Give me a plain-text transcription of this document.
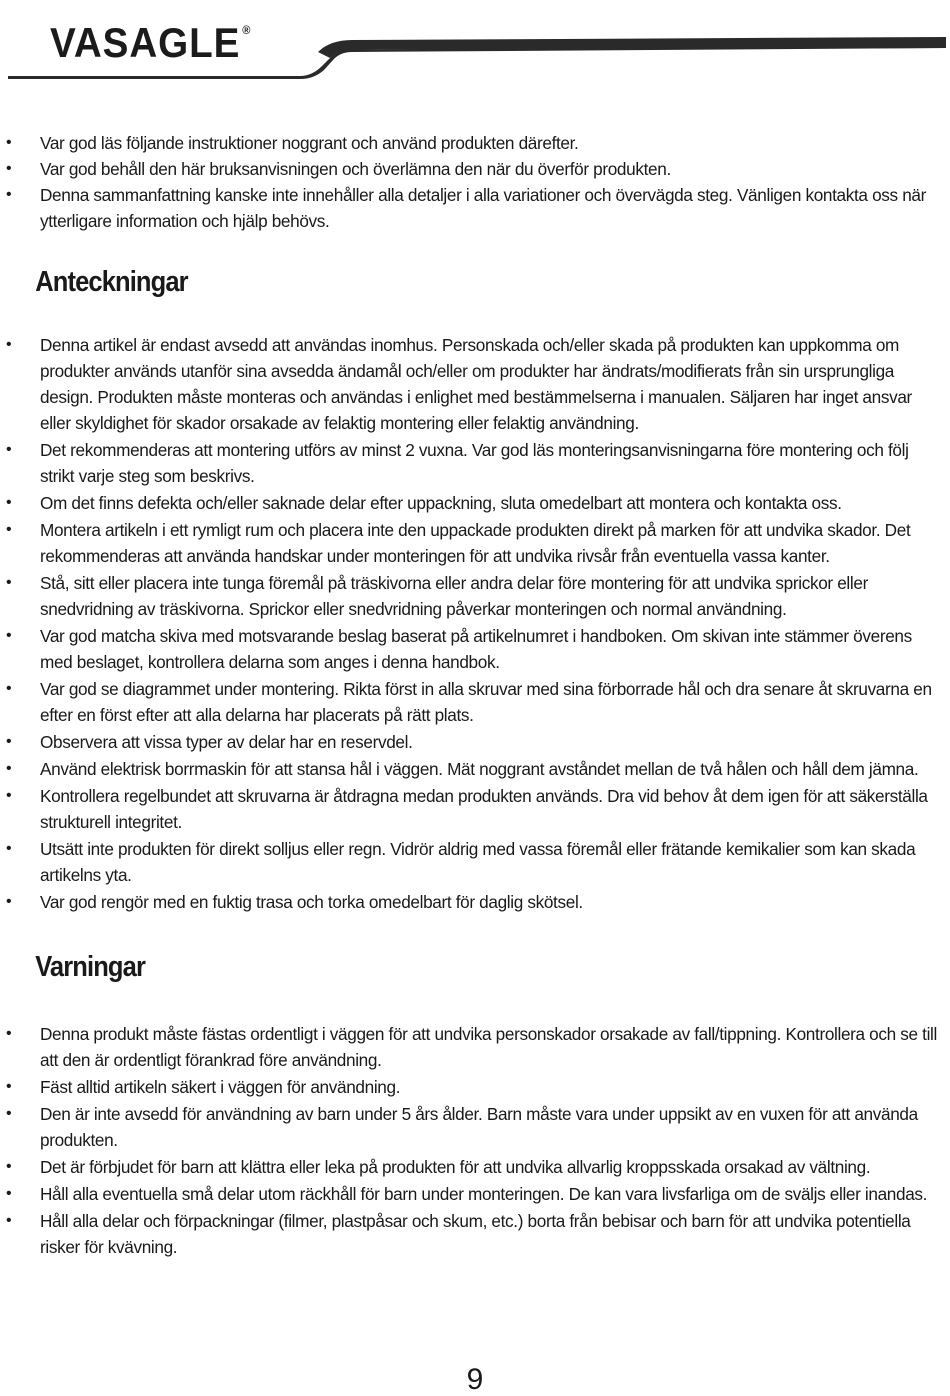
VASAGLE ®
• Var god läs följande instruktioner noggrant och använd produkten därefter.
• Var god behåll den här bruksanvisningen och överlämna den när du överför produkten.
• Denna sammanfattning kanske inte innehåller alla detaljer i alla variationer och övervägda steg. Vänligen kontakta oss när ytterligare information och hjälp behövs.
Anteckningar
• Denna artikel är endast avsedd att användas inomhus. Personskada och/eller skada på produkten kan uppkomma om produkter används utanför sina avsedda ändamål och/eller om produkter har ändrats/modifierats från sin ursprungliga design. Produkten måste monteras och användas i enlighet med bestämmelserna i manualen. Säljaren har inget ansvar eller skyldighet för skador orsakade av felaktig montering eller felaktig användning.
• Det rekommenderas att montering utförs av minst 2 vuxna. Var god läs monteringsanvisningarna före montering och följ strikt varje steg som beskrivs.
• Om det finns defekta och/eller saknade delar efter uppackning, sluta omedelbart att montera och kontakta oss.
• Montera artikeln i ett rymligt rum och placera inte den uppackade produkten direkt på marken för att undvika skador. Det rekommenderas att använda handskar under monteringen för att undvika rivsår från eventuella vassa kanter.
• Stå, sitt eller placera inte tunga föremål på träskivorna eller andra delar före montering för att undvika sprickor eller snedvridning av träskivorna. Sprickor eller snedvridning påverkar monteringen och normal användning.
• Var god matcha skiva med motsvarande beslag baserat på artikelnumret i handboken. Om skivan inte stämmer överens med beslaget, kontrollera delarna som anges i denna handbok.
• Var god se diagrammet under montering. Rikta först in alla skruvar med sina förborrade hål och dra senare åt skruvarna en efter en först efter att alla delarna har placerats på rätt plats.
• Observera att vissa typer av delar har en reservdel.
• Använd elektrisk borrmaskin för att stansa hål i väggen. Mät noggrant avståndet mellan de två hålen och håll dem jämna.
• Kontrollera regelbundet att skruvarna är åtdragna medan produkten används. Dra vid behov åt dem igen för att säkerställa strukturell integritet.
• Utsätt inte produkten för direkt solljus eller regn. Vidrör aldrig med vassa föremål eller frätande kemikalier som kan skada artikelns yta.
• Var god rengör med en fuktig trasa och torka omedelbart för daglig skötsel.
Varningar
• Denna produkt måste fästas ordentligt i väggen för att undvika personskador orsakade av fall/tippning. Kontrollera och se till att den är ordentligt förankrad före användning.
• Fäst alltid artikeln säkert i väggen för användning.
• Den är inte avsedd för användning av barn under 5 års ålder. Barn måste vara under uppsikt av en vuxen för att använda produkten.
• Det är förbjudet för barn att klättra eller leka på produkten för att undvika allvarlig kroppsskada orsakad av vältning.
• Håll alla eventuella små delar utom räckhåll för barn under monteringen. De kan vara livsfarliga om de sväljs eller inandas.
• Håll alla delar och förpackningar (filmer, plastpåsar och skum, etc.) borta från bebisar och barn för att undvika potentiella risker för kvävning.
9
